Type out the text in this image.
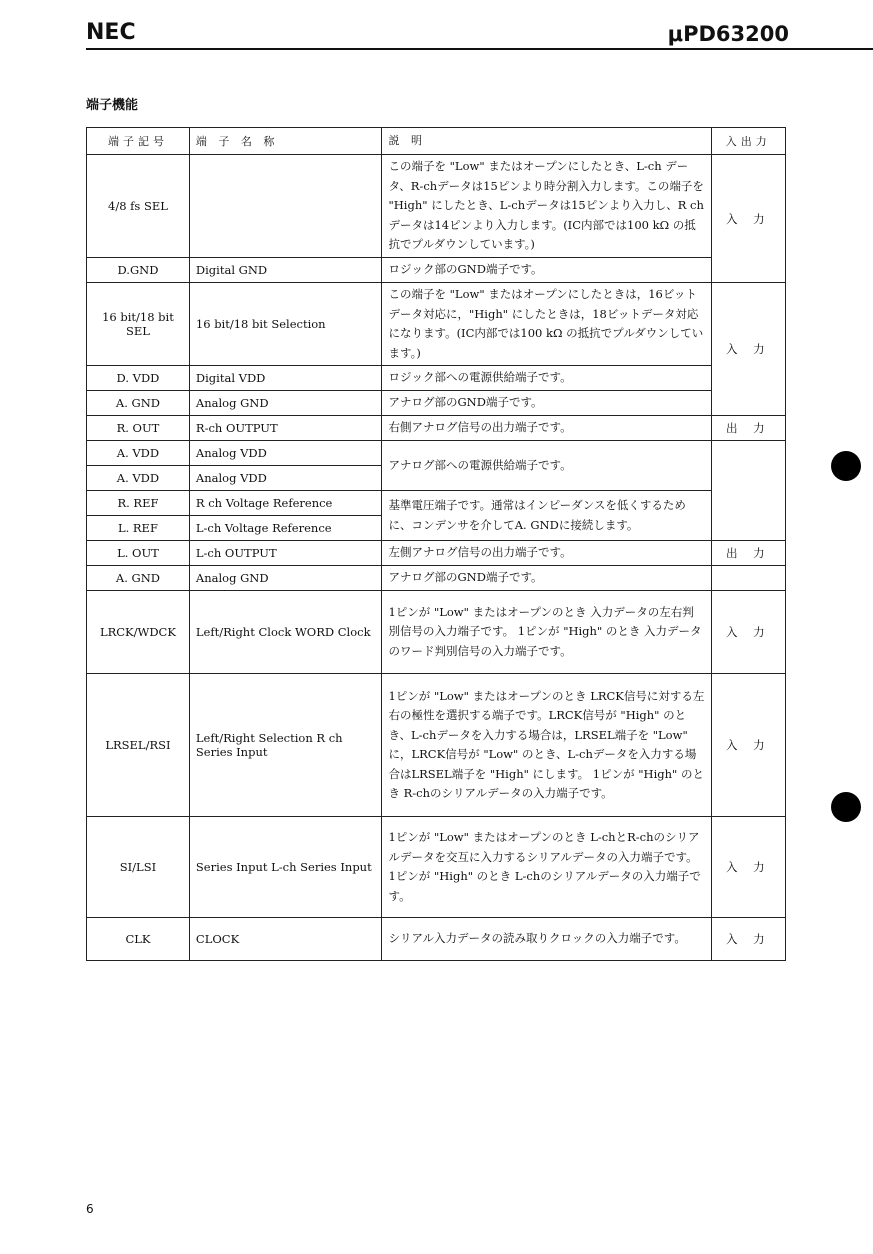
NEC	μPD63200
端子機能
端子記号	端 子 名 称	説 明	入出力
4/8 fs SEL		この端子を "Low" またはオープンにしたとき、L-ch データ、R-chデータは15ピンより時分割入力します。この端子を "High" にしたとき、L-chデータは15ピンより入力し、R chデータは14ピンより入力します。(IC内部では100 kΩ の抵抗でプルダウンしています。)	入 力
D.GND	Digital GND	ロジック部のGND端子です。	
16 bit/18 bit SEL	16 bit/18 bit Selection	この端子を "Low" またはオープンにしたときは，16ビットデータ対応に，"High" にしたときは，18ビットデータ対応になります。(IC内部では100 kΩ の抵抗でプルダウンしています。)	入 力
D. VDD	Digital VDD	ロジック部への電源供給端子です。	
A. GND	Analog GND	アナログ部のGND端子です。	
R. OUT	R-ch OUTPUT	右側アナログ信号の出力端子です。	出 力
A. VDD	Analog VDD	アナログ部への電源供給端子です。	
A. VDD	Analog VDD		
R. REF	R ch Voltage Reference	基準電圧端子です。通常はインピーダンスを低くするために、コンデンサを介してA. GNDに接続します。	
L. REF	L-ch Voltage Reference		
L. OUT	L-ch OUTPUT	左側アナログ信号の出力端子です。	出 力
A. GND	Analog GND	アナログ部のGND端子です。	
LRCK/WDCK	Left/Right Clock WORD Clock	1ピンが "Low" またはオープンのとき 入力データの左右判別信号の入力端子です。 1ピンが "High" のとき 入力データのワード判別信号の入力端子です。	入 力
LRSEL/RSI	Left/Right Selection R ch Series Input	1ピンが "Low" またはオープンのとき LRCK信号に対する左右の極性を選択する端子です。LRCK信号が "High" のとき、L-chデータを入力する場合は，LRSEL端子を "Low" に，LRCK信号が "Low" のとき、L-chデータを入力する場合はLRSEL端子を "High" にします。 1ピンが "High" のとき R-chのシリアルデータの入力端子です。	入 力
SI/LSI	Series Input L-ch Series Input	1ピンが "Low" またはオープンのとき L-chとR-chのシリアルデータを交互に入力するシリアルデータの入力端子です。 1ピンが "High" のとき L-chのシリアルデータの入力端子です。	入 力
CLK	CLOCK	シリアル入力データの読み取りクロックの入力端子です。	入 力
6
